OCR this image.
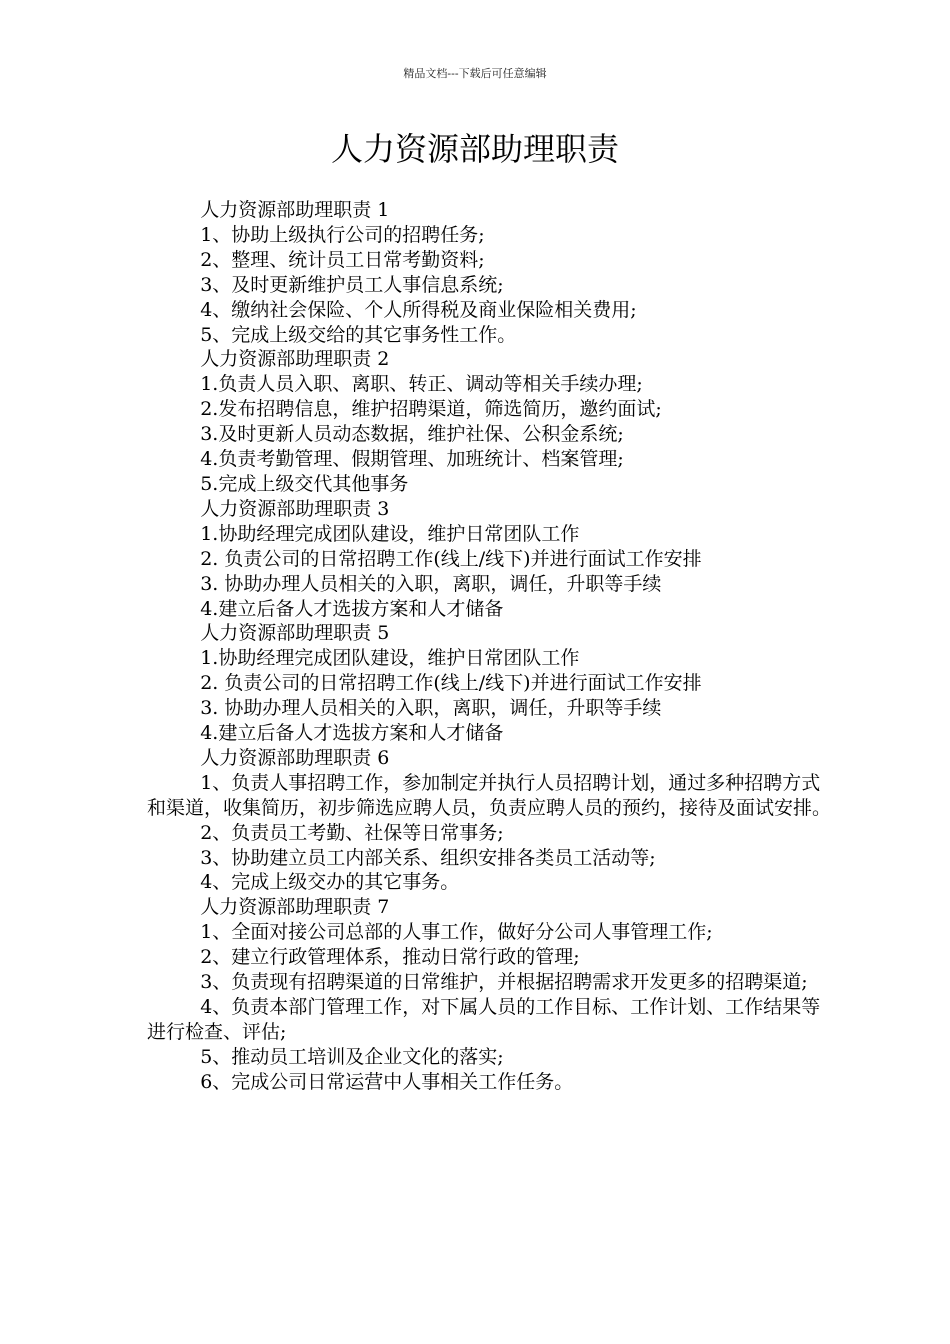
精品文档---下载后可任意编辑
人力资源部助理职责

人力资源部助理职责 1

1、协助上级执行公司的招聘任务;

2、整理、统计员工日常考勤资料;

3、及时更新维护员工人事信息系统;

4、缴纳社会保险、个人所得税及商业保险相关费用;

5、完成上级交给的其它事务性工作。

人力资源部助理职责 2

1.负责人员入职、离职、转正、调动等相关手续办理;

2.发布招聘信息，维护招聘渠道，筛选简历，邀约面试;

3.及时更新人员动态数据，维护社保、公积金系统;

4.负责考勤管理、假期管理、加班统计、档案管理;

5.完成上级交代其他事务

人力资源部助理职责 3

1.协助经理完成团队建设，维护日常团队工作

2. 负责公司的日常招聘工作(线上/线下)并进行面试工作安排

3. 协助办理人员相关的入职，离职，调任，升职等手续

4.建立后备人才选拔方案和人才储备

人力资源部助理职责 5

1.协助经理完成团队建设，维护日常团队工作

2. 负责公司的日常招聘工作(线上/线下)并进行面试工作安排

3. 协助办理人员相关的入职，离职，调任，升职等手续

4.建立后备人才选拔方案和人才储备

人力资源部助理职责 6

1、负责人事招聘工作，参加制定并执行人员招聘计划，通过多种招聘方式和渠道，收集简历，初步筛选应聘人员，负责应聘人员的预约，接待及面试安排。

2、负责员工考勤、社保等日常事务;

3、协助建立员工内部关系、组织安排各类员工活动等;

4、完成上级交办的其它事务。

人力资源部助理职责 7

1、全面对接公司总部的人事工作，做好分公司人事管理工作;

2、建立行政管理体系，推动日常行政的管理;

3、负责现有招聘渠道的日常维护，并根据招聘需求开发更多的招聘渠道;

4、负责本部门管理工作，对下属人员的工作目标、工作计划、工作结果等进行检查、评估;

5、推动员工培训及企业文化的落实;

6、完成公司日常运营中人事相关工作任务。
